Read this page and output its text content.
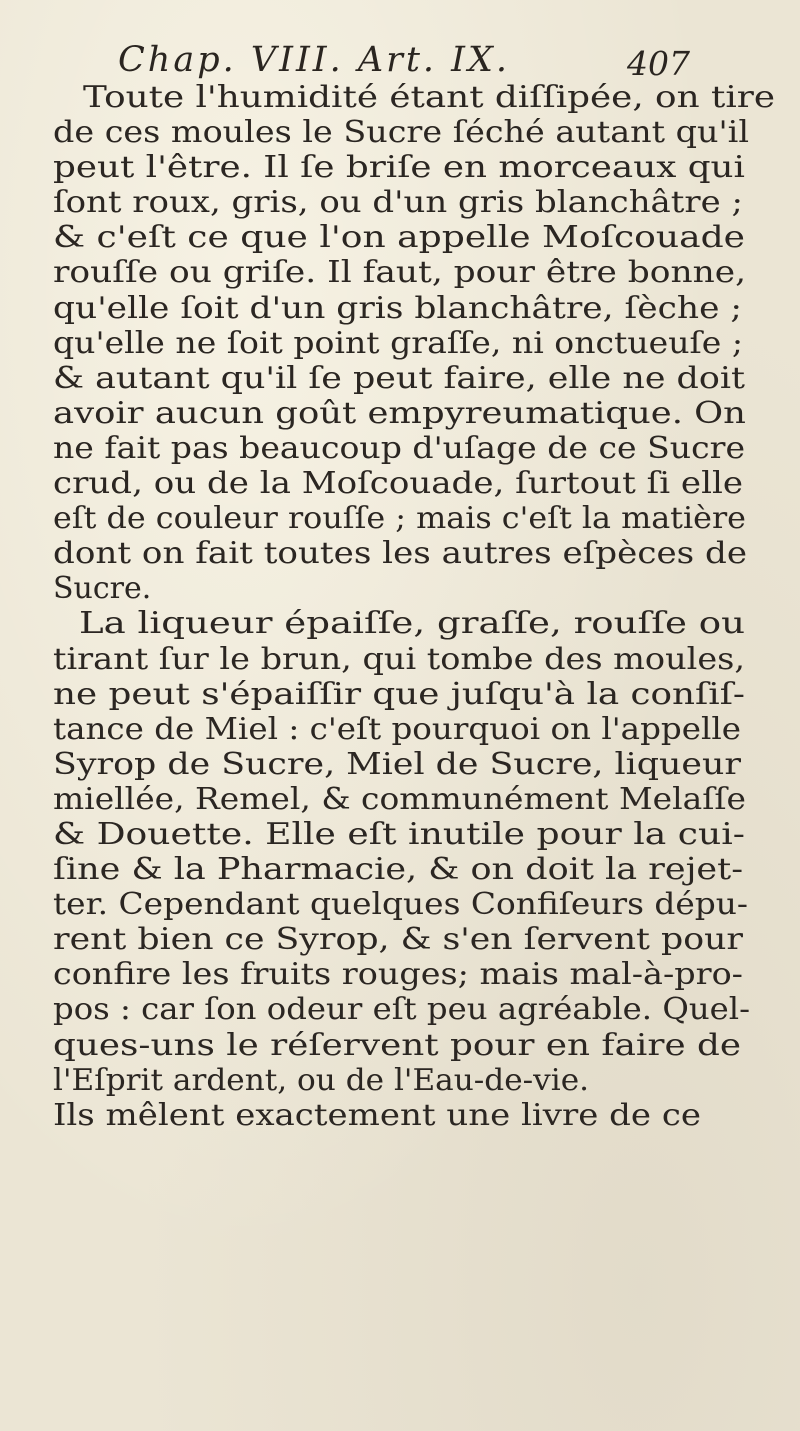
Chap. VIII. Art. IX.	407
Toute l'humidité étant diſſipée, on tire
de ces moules le Sucre ſéché autant qu'il
peut l'être. Il ſe briſe en morceaux qui
ſont roux, gris, ou d'un gris blanchâtre ;
& c'eſt ce que l'on appelle Moſcouade
rouſſe ou griſe. Il faut, pour être bonne,
qu'elle ſoit d'un gris blanchâtre, ſèche ;
qu'elle ne ſoit point graſſe, ni onctueuſe ;
& autant qu'il ſe peut faire, elle ne doit
avoir aucun goût empyreumatique. On
ne fait pas beaucoup d'uſage de ce Sucre
crud, ou de la Moſcouade, ſurtout ſi elle
eſt de couleur rouſſe ; mais c'eſt la matière
dont on fait toutes les autres eſpèces de
Sucre.
La liqueur épaiſſe, graſſe, rouſſe ou
tirant ſur le brun, qui tombe des moules,
ne peut s'épaiſſir que juſqu'à la conſiſ-
tance de Miel : c'eſt pourquoi on l'appelle
Syrop de Sucre, Miel de Sucre, liqueur
miellée, Remel, & communément Melaſſe
& Douette. Elle eſt inutile pour la cui-
ſine & la Pharmacie, & on doit la rejet-
ter. Cependant quelques Confiſeurs dépu-
rent bien ce Syrop, & s'en ſervent pour
confire les fruits rouges; mais mal-à-pro-
pos : car ſon odeur eſt peu agréable. Quel-
ques-uns le réſervent pour en faire de
l'Eſprit ardent, ou de l'Eau-de-vie.
Ils mêlent exactement une livre de ce
